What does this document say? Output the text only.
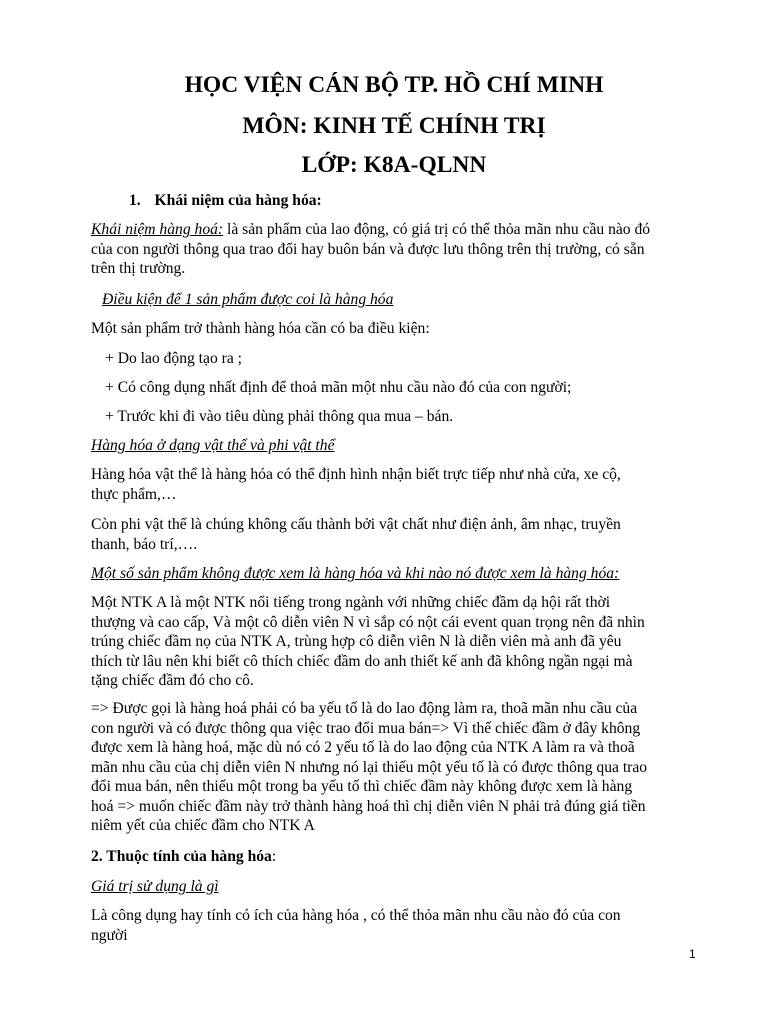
HỌC VIỆN CÁN BỘ TP. HỒ CHÍ MINH
MÔN: KINH TẾ CHÍNH TRỊ
LỚP: K8A-QLNN
1. Khái niệm của hàng hóa:
Khái niệm hàng hoá: là sản phẩm của lao động, có giá trị có thể thỏa mãn nhu cầu nào đó
của con người thông qua trao đổi hay buôn bán và được lưu thông trên thị trường, có sẵn
trên thị trường.
Điều kiện để 1 sản phẩm được coi là hàng hóa
Một sản phẩm trở thành hàng hóa cần có ba điều kiện:
+ Do lao động tạo ra ;
+ Có công dụng nhất định để thoả mãn một nhu cầu nào đó của con người;
+ Trước khi đi vào tiêu dùng phải thông qua mua – bán.
Hàng hóa ở dạng vật thể và phi vật thể
Hàng hóa vật thể là hàng hóa có thể định hình nhận biết trực tiếp như nhà cửa, xe cộ,
thực phẩm,…
Còn phi vật thể là chúng không cấu thành bởi vật chất như điện ảnh, âm nhạc, truyền
thanh, báo trí,….
Một số sản phẩm không được xem là hàng hóa và khi nào nó được xem là hàng hóa:
Một NTK A là một NTK nổi tiếng trong ngành với những chiếc đầm dạ hội rất thời
thượng và cao cấp, Và một cô diễn viên N vì sắp có nột cái event quan trọng nên đã nhìn
trúng chiếc đầm nọ của NTK A, trùng hợp cô diễn viên N là diễn viên mà anh đã yêu
thích từ lâu nên khi biết cô thích chiếc đầm do anh thiết kế anh đã không ngần ngại mà
tặng chiếc đầm đó cho cô.
=> Được gọi là hàng hoá phải có ba yếu tố là do lao động làm ra, thoã mãn nhu cầu của
con người và có được thông qua việc trao đổi mua bán=> Vì thế chiếc đầm ở đây không
được xem là hàng hoá, mặc dù nó có 2 yếu tố là do lao động của NTK A làm ra và thoã
mãn nhu cầu của chị diễn viên N nhưng nó lại thiếu một yếu tố là có được thông qua trao
đổi mua bán, nên thiếu một trong ba yếu tố thì chiếc đầm này không được xem là hàng
hoá => muốn chiếc đầm này trở thành hàng hoá thì chị diễn viên N phải trả đúng giá tiền
niêm yết của chiếc đầm cho NTK A
2. Thuộc tính của hàng hóa:
Giá trị sử dụng là gì
Là công dụng hay tính có ích của hàng hóa , có thể thỏa mãn nhu cầu nào đó của con
người
1
